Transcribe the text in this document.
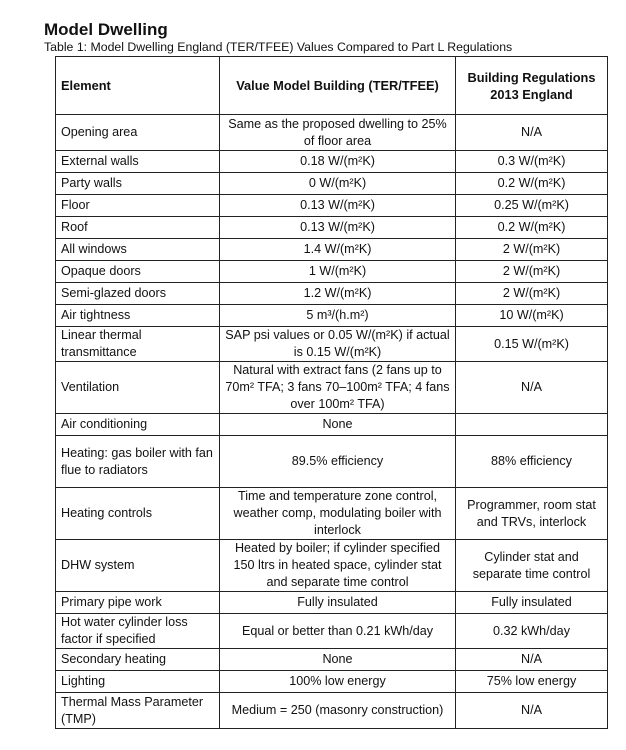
Model Dwelling

Table 1: Model Dwelling England (TER/TFEE) Values Compared to Part L Regulations

Element	Value Model Building (TER/TFEE)	Building Regulations 2013 England
Opening area	Same as the proposed dwelling to 25% of floor area	N/A
External walls	0.18 W/(m²K)	0.3 W/(m²K)
Party walls	0 W/(m²K)	0.2 W/(m²K)
Floor	0.13 W/(m²K)	0.25 W/(m²K)
Roof	0.13 W/(m²K)	0.2 W/(m²K)
All windows	1.4 W/(m²K)	2 W/(m²K)
Opaque doors	1 W/(m²K)	2 W/(m²K)
Semi-glazed doors	1.2 W/(m²K)	2 W/(m²K)
Air tightness	5 m³/(h.m²)	10 W/(m²K)
Linear thermal transmittance	SAP psi values or 0.05 W/(m²K) if actual is 0.15 W/(m²K)	0.15 W/(m²K)
Ventilation	Natural with extract fans (2 fans up to 70m² TFA; 3 fans 70–100m² TFA; 4 fans over 100m² TFA)	N/A
Air conditioning	None	
Heating: gas boiler with fan flue to radiators	89.5% efficiency	88% efficiency
Heating controls	Time and temperature zone control, weather comp, modulating boiler with interlock	Programmer, room stat and TRVs, interlock
DHW system	Heated by boiler; if cylinder specified 150 ltrs in heated space, cylinder stat and separate time control	Cylinder stat and separate time control
Primary pipe work	Fully insulated	Fully insulated
Hot water cylinder loss factor if specified	Equal or better than 0.21 kWh/day	0.32 kWh/day
Secondary heating	None	N/A
Lighting	100% low energy	75% low energy
Thermal Mass Parameter (TMP)	Medium = 250 (masonry construction)	N/A
